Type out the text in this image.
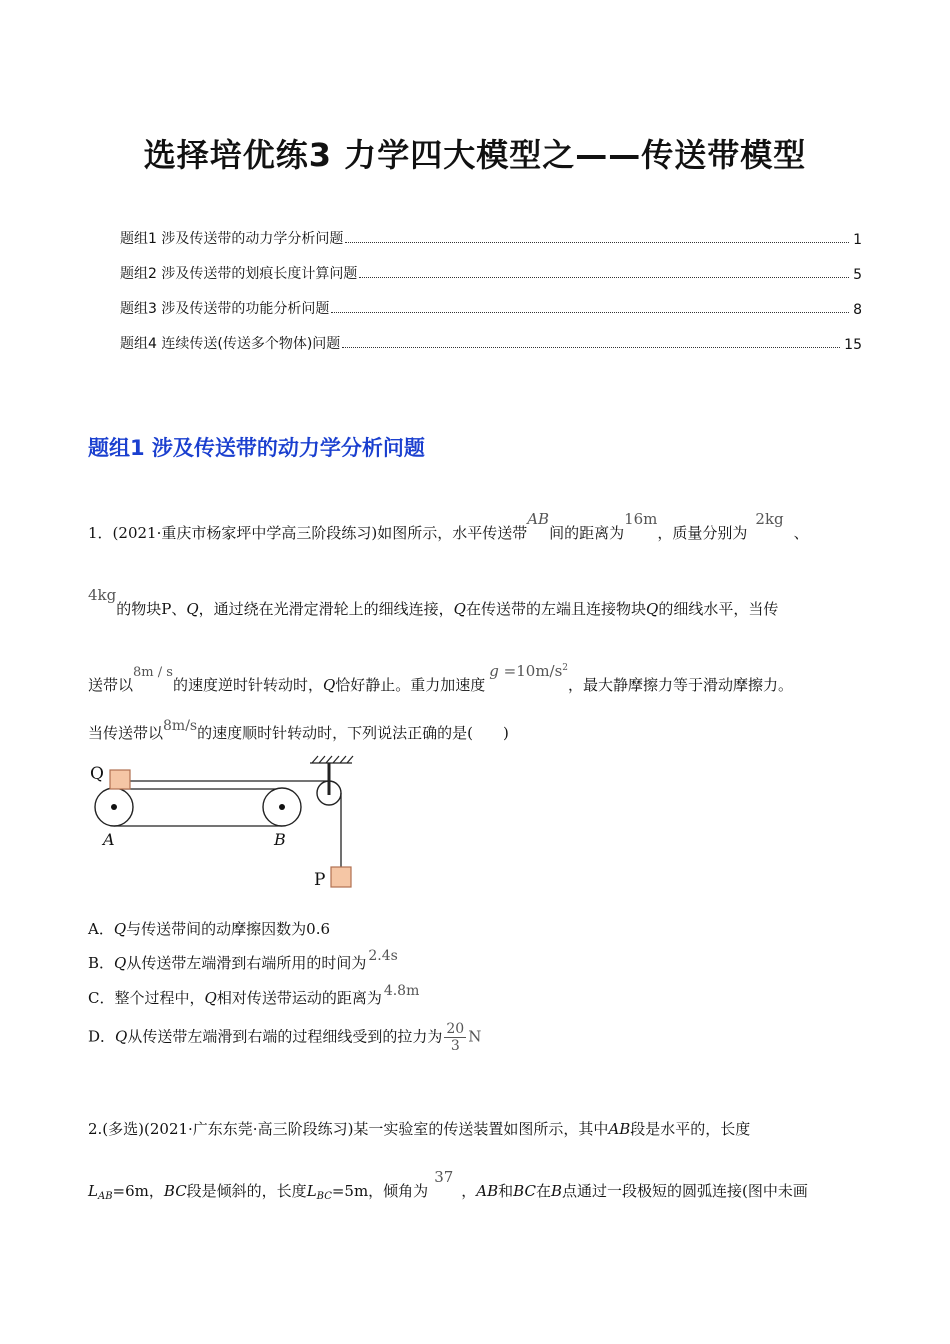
选择培优练3 力学四大模型之——传送带模型
题组1 涉及传送带的动力学分析问题	1
题组2 涉及传送带的划痕长度计算问题	5
题组3 涉及传送带的功能分析问题	8
题组4 连续传送(传送多个物体)问题	15
题组1 涉及传送带的动力学分析问题
1．(2021·重庆市杨家坪中学高三阶段练习)如图所示，水平传送带AB间的距离为16m，质量分别为2kg、
4kg的物块P、Q，通过绕在光滑定滑轮上的细线连接，Q在传送带的左端且连接物块Q的细线水平，当传
送带以8m / s的速度逆时针转动时，Q恰好静止。重力加速度$g =10m/s^2$，最大静摩擦力等于滑动摩擦力。
当传送带以8m/s的速度顺时针转动时，下列说法正确的是(　　)
Q
P
A	B
A．Q与传送带间的动摩擦因数为0.6
B．Q从传送带左端滑到右端所用的时间为 2.4s
C．整个过程中，Q相对传送带运动的距离为 4.8m
D．Q从传送带左端滑到右端的过程细线受到的拉力为 $\frac{20}{3}$ N
2.(多选)(2021·广东东莞·高三阶段练习)某一实验室的传送装置如图所示，其中AB段是水平的，长度
$L_{AB}=6m$，BC段是倾斜的，长度$L_{BC}=5m$，倾角为37，AB和BC在B点通过一段极短的圆弧连接(图中未画
